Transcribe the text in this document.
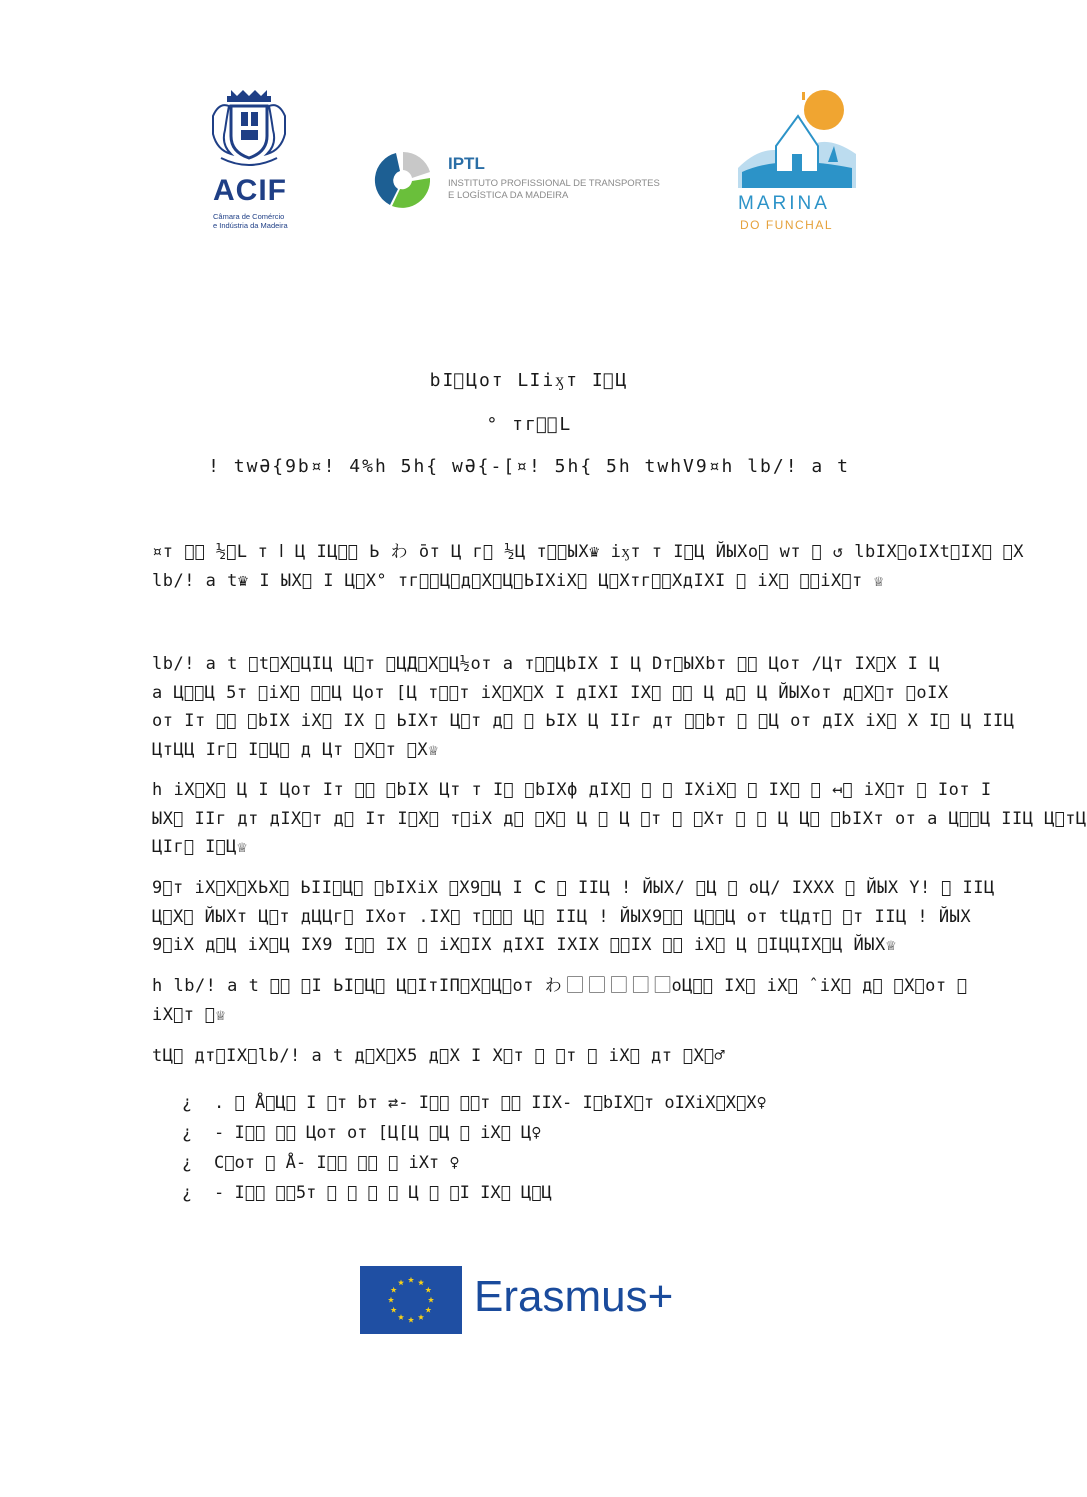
ACIF
Câmara de Comércio
e Indústria da Madeira
IPTL
INSTITUTO PROFISSIONAL DE TRANSPORTES
E LOGÍSTICA DA MADEIRA	MARINA
DO FUNCHAL
bI⃞Цот ⅬIiӽт I⃞Ц
° тг⃞⃞Ⅼ
! twӘ{9b¤! 4%h 5h{ wӘ{-[¤! 5h{ 5h twhV9¤h lb/! a t
¤т ⅼ⃞ ½⃞Ⅼ т ⅼ Ц IЦ⃞⃞ Ь わ ̄от Ц г⃞ ½Ц т⃞⃞ЫХ♛ iӽт т I⃞Ц ЙЫХo⃞ wт ⃞ ↺ lbIХ⃞oIХt⃞IХ⃞ ⃞Х
lb/! a t♛ I ЫХ⃞ I Ц⃞Х° тг⃞⃞Ц⃞д⃞Х⃞Ц⃞ЬIХiХ⃞ Ц⃞Хтг⃞⃞ХдIХI ⃞ iХ⃞ ⃞⃞iХ⃞т ♕
lb/! a t ⃞t⃞Х⃞ЦIЦ Ц⃞т ⃞ЦД⃞Х⃞Ц½от a т⃞⃞ЦbIХ I Ц Dт⃞ЫХbт ⃞⃞ Цот /Цт IХ⃞Х I Ц
a Ц⃞⃞Ц 5т ⃞iХ⃞ ⃞⃞Ц Цот [Ц т⃞⃞т iХ⃞Х⃞Х I дIХI IХ⃞ ⃞⃞ Ц д⃞ Ц ЙЫХот д⃞Х⃞т ⃞oIХ
от Iт ⃞⃞ ⃞bIХ iХ⃞ IХ ⃞ ЬIХт Ц⃞т д⃞ ⃞ ЬIХ Ц IIг дт ⃞⃞bт ⃞ ⃞Ц от дIХ iХ⃞ Х I⃞ Ц IIЦ
ЦтЦЦ Iг⃞ I⃞Ц⃞ д Цт ⃞Х⃞т ⃞Х♕
h iХ⃞Х⃞ Ц I Цот Iт ⃞⃞ ⃞bIХ Цт т I⃞ ⃞bIХф дIХ⃞ ⃞ ⃞ IХiХ⃞ ⃞ IХ⃞ ⃞ ↤⃞ iХ⃞т ⃞ Iот I
ЫХ⃞ IIг дт дIХ⃞т д⃞ Iт I⃞Х⃞ т⃞iХ д⃞ ⃞Х⃞ Ц ⃞ Ц ⃞т ⃞ ⃞Хт ⃞ ⃞ Ц Ц⃞ ⃞bIХт от a Ц⃞⃞Ц IIЦ Ц⃞тЦ
ЦIг⃞ I⃞Ц♕
9⃞т iХ⃞Х⃞ХЬХ⃞ ЬII⃞Ц⃞ ⃞bIХiХ ⃞Х9⃞Ц I Ⅽ ⃞ IIЦ ! ЙЫХ/ ⃞Ц ⃞ oЦ/ IХХХ ⃞ ЙЫХ Y! ⃞ IIЦ
Ц⃞Х⃞ ЙЫХт Ц⃞т дЦЦг⃞ IХот .IХ⃞ т⃞⃞⃞ Ц⃞ IIЦ ! ЙЫХ9⃞⃞ Ц⃞⃞Ц от tЦдт⃞ ⃞т IIЦ ! ЙЫХ
9⃞iХ д⃞Ц iХ⃞Ц IХ9 I⃞⃞ IХ ⃞ iХ⃞IХ дIХI IХIХ ⃞⃞IХ ⃞⃞ iХ⃞ Ц ⃞IЦЦIХ⃞Ц ЙЫХ♕
h lb/! a t ⃞⃞ ⃞I ЬI⃞Ц⃞ Ц⃞IтIП⃞Х⃞Ц⃞от わ ⃞ ⃞ ⃞ ⃞ ⃞oЦ⃞⃞ IХ⃞ iХ⃞ ̂ iХ⃞ д⃞ ⃞Х⃞от ⃞
iХ⃞т ⃞♕
tЦ⃞ дт⃞IХ⃞lb/! a t д⃞Х⃞Х5 д⃞Х I Х⃞т ⃞ ⃞т ⃞ iХ⃞ дт ⃞Х⃞♂
¿ . ⃞ Å⃞Ц⃞ I ⃞т bт ⇄- I⃞⃞ ⃞⃞т ⃞⃞ IIХ- I⃞bIХ⃞т oIХiХ⃞Х⃞Х♀
¿ - I⃞⃞ ⃞⃞ Цот от [Ц[Ц ⃞Ц ⃞ iХ⃞ Ц♀
¿ C⃞от ⃞ Å- I⃞⃞ ⃞⃞ ⃞ iХт ♀
¿ - I⃞⃞ ⃞⃞5т ⃞ ⃞ ⃞ ⃞ Ц ⃞ ⃞I IХ⃞ Ц⃞Ц
Erasmus+
